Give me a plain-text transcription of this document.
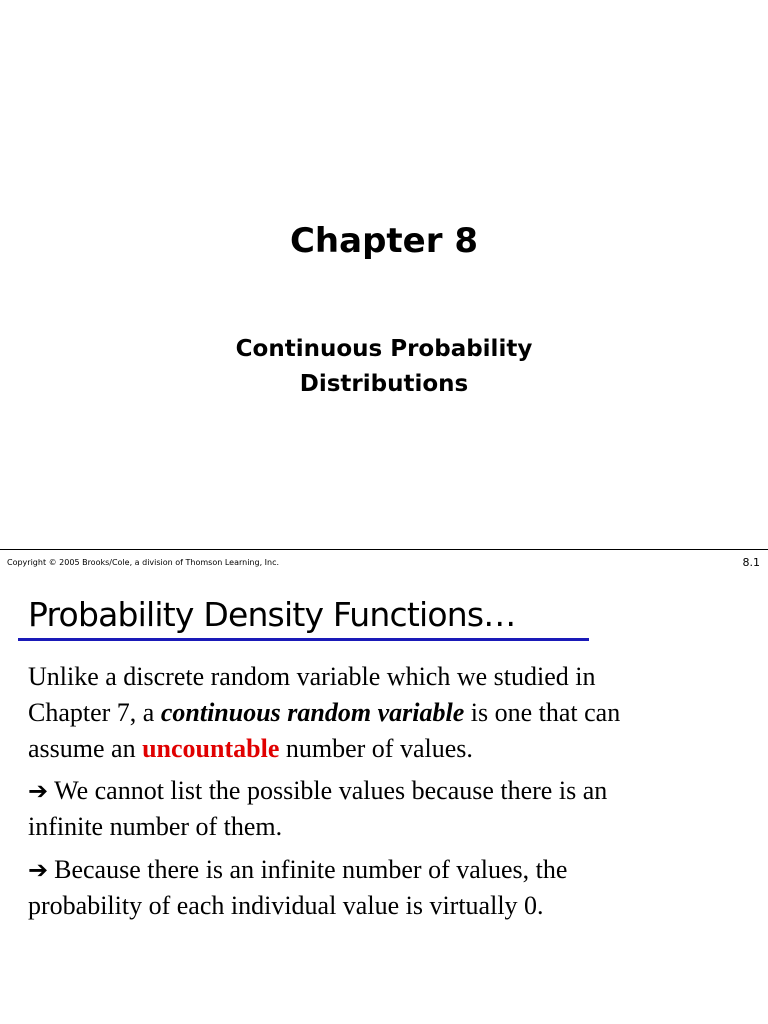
Chapter 8
Continuous Probability
Distributions
Copyright © 2005 Brooks/Cole, a division of Thomson Learning, Inc.	8.1
Probability Density Functions…
Unlike a discrete random variable which we studied in
Chapter 7, a continuous random variable is one that can
assume an uncountable number of values.
➔ We cannot list the possible values because there is an
infinite number of them.
➔ Because there is an infinite number of values, the
probability of each individual value is virtually 0.
